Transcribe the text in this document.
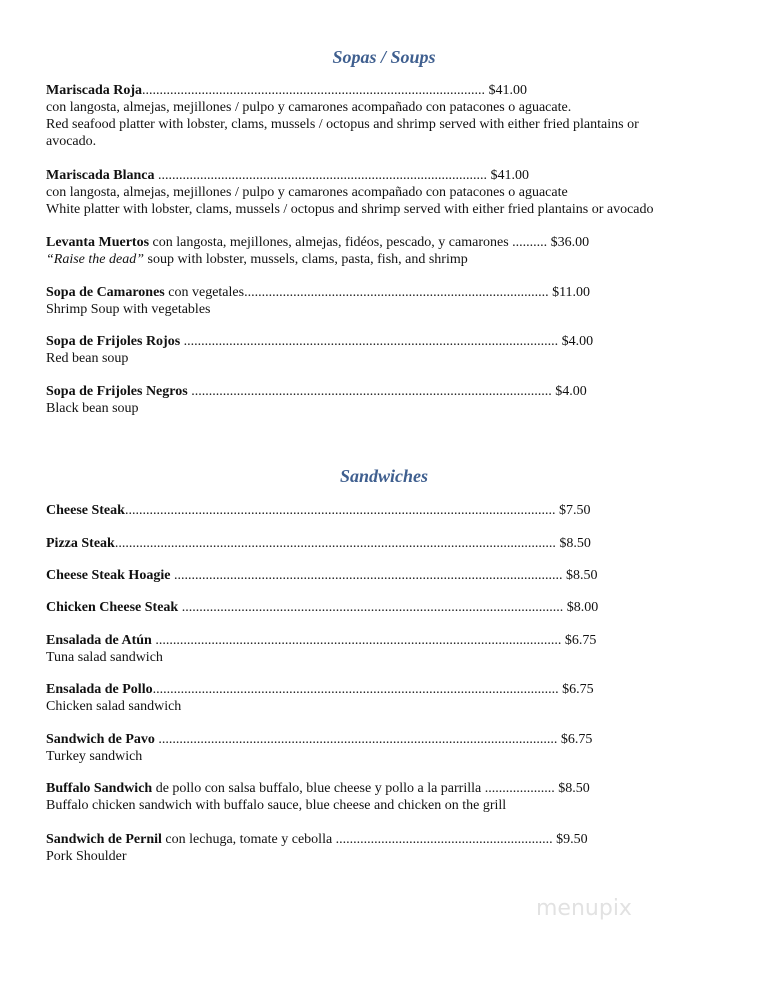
Sopas / Soups
Mariscada Roja.................................................................................................. $41.00
con langosta, almejas, mejillones / pulpo y camarones acompañado con patacones o aguacate.
Red seafood platter with lobster, clams, mussels / octopus and shrimp served with either fried plantains or
avocado.
Mariscada Blanca .............................................................................................. $41.00
con langosta, almejas, mejillones / pulpo y camarones acompañado con patacones o aguacate
White platter with lobster, clams, mussels / octopus and shrimp served with either fried plantains or avocado
Levanta Muertos con langosta, mejillones, almejas, fidéos, pescado, y camarones .......... $36.00
“Raise the dead” soup with lobster, mussels, clams, pasta, fish, and shrimp
Sopa de Camarones con vegetales....................................................................................... $11.00
Shrimp Soup with vegetables
Sopa de Frijoles Rojos ........................................................................................................... $4.00
Red bean soup
Sopa de Frijoles Negros ....................................................................................................... $4.00
Black bean soup
Sandwiches
Cheese Steak........................................................................................................................... $7.50
Pizza Steak.............................................................................................................................. $8.50
Cheese Steak Hoagie ............................................................................................................... $8.50
Chicken Cheese Steak ............................................................................................................. $8.00
Ensalada de Atún .................................................................................................................... $6.75
Tuna salad sandwich
Ensalada de Pollo.................................................................................................................... $6.75
Chicken salad sandwich
Sandwich de Pavo .................................................................................................................. $6.75
Turkey sandwich
Buffalo Sandwich de pollo con salsa buffalo, blue cheese y pollo a la parrilla .................... $8.50
Buffalo chicken sandwich with buffalo sauce, blue cheese and chicken on the grill
Sandwich de Pernil con lechuga, tomate y cebolla .............................................................. $9.50
Pork Shoulder
menupix
